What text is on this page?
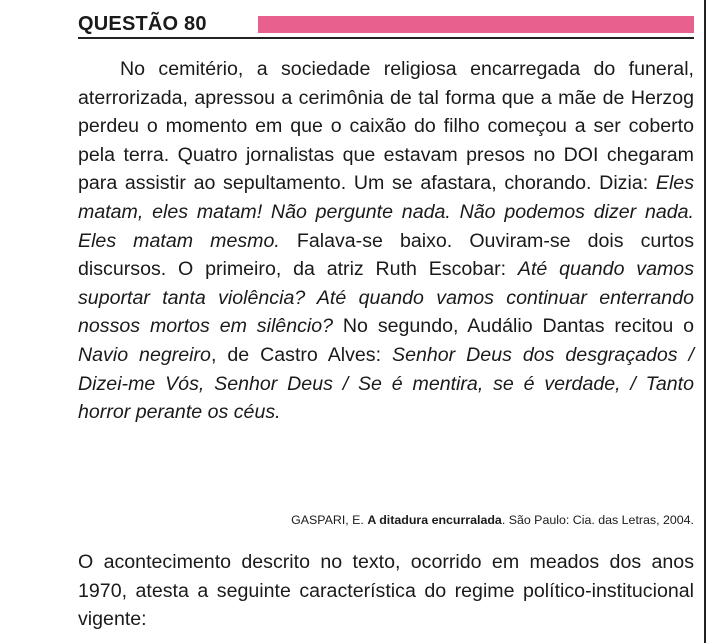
QUESTÃO 80

No cemitério, a sociedade religiosa encarregada do funeral, aterrorizada, apressou a cerimônia de tal forma que a mãe de Herzog perdeu o momento em que o caixão do filho começou a ser coberto pela terra. Quatro jornalistas que estavam presos no DOI chegaram para assistir ao sepultamento. Um se afastara, chorando. Dizia: Eles matam, eles matam! Não pergunte nada. Não podemos dizer nada. Eles matam mesmo. Falava-se baixo. Ouviram-se dois curtos discursos. O primeiro, da atriz Ruth Escobar: Até quando vamos suportar tanta violência? Até quando vamos continuar enterrando nossos mortos em silêncio? No segundo, Audálio Dantas recitou o Navio negreiro, de Castro Alves: Senhor Deus dos desgraçados / Dizei-me Vós, Senhor Deus / Se é mentira, se é verdade, / Tanto horror perante os céus.

GASPARI, E. A ditadura encurralada. São Paulo: Cia. das Letras, 2004.

O acontecimento descrito no texto, ocorrido em meados dos anos 1970, atesta a seguinte característica do regime político-institucional vigente:
